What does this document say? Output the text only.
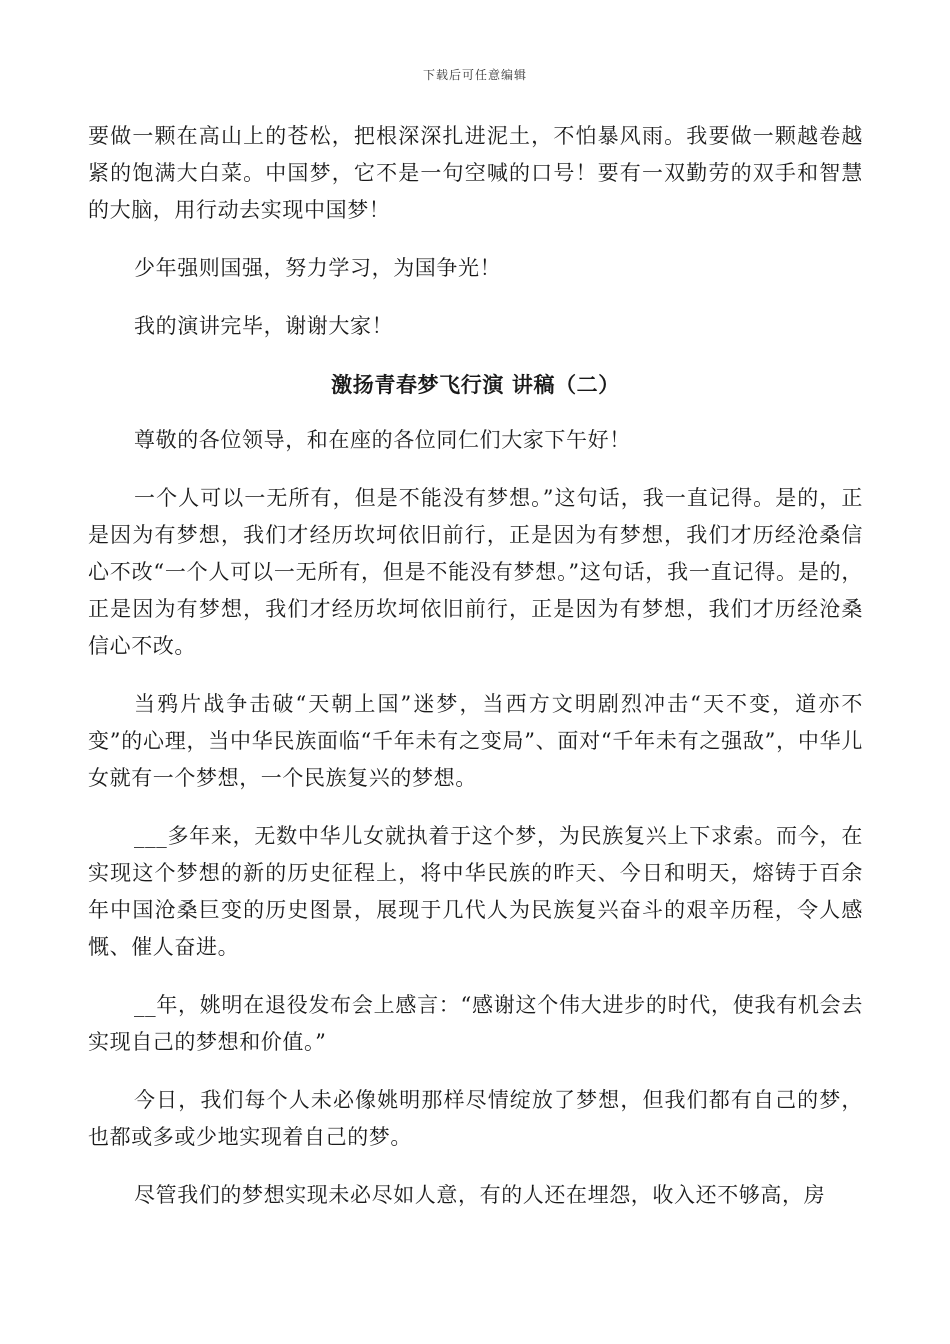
下载后可任意编辑

要做一颗在高山上的苍松，把根深深扎进泥土，不怕暴风雨。我要做一颗越卷越紧的饱满大白菜。中国梦，它不是一句空喊的口号！要有一双勤劳的双手和智慧的大脑，用行动去实现中国梦！

少年强则国强，努力学习，为国争光！

我的演讲完毕，谢谢大家！

激扬青春梦飞行演 讲稿（二）

尊敬的各位领导，和在座的各位同仁们大家下午好！

一个人可以一无所有，但是不能没有梦想。”这句话，我一直记得。是的，正是因为有梦想，我们才经历坎坷依旧前行，正是因为有梦想，我们才历经沧桑信心不改“一个人可以一无所有，但是不能没有梦想。”这句话，我一直记得。是的，正是因为有梦想，我们才经历坎坷依旧前行，正是因为有梦想，我们才历经沧桑信心不改。

当鸦片战争击破“天朝上国”迷梦，当西方文明剧烈冲击“天不变，道亦不变”的心理，当中华民族面临“千年未有之变局”、面对“千年未有之强敌”，中华儿女就有一个梦想，一个民族复兴的梦想。

___多年来，无数中华儿女就执着于这个梦，为民族复兴上下求索。而今，在实现这个梦想的新的历史征程上，将中华民族的昨天、今日和明天，熔铸于百余年中国沧桑巨变的历史图景，展现于几代人为民族复兴奋斗的艰辛历程，令人感慨、催人奋进。

__年，姚明在退役发布会上感言：“感谢这个伟大进步的时代，使我有机会去实现自己的梦想和价值。”

今日，我们每个人未必像姚明那样尽情绽放了梦想，但我们都有自己的梦，也都或多或少地实现着自己的梦。

尽管我们的梦想实现未必尽如人意，有的人还在埋怨，收入还不够高，房
